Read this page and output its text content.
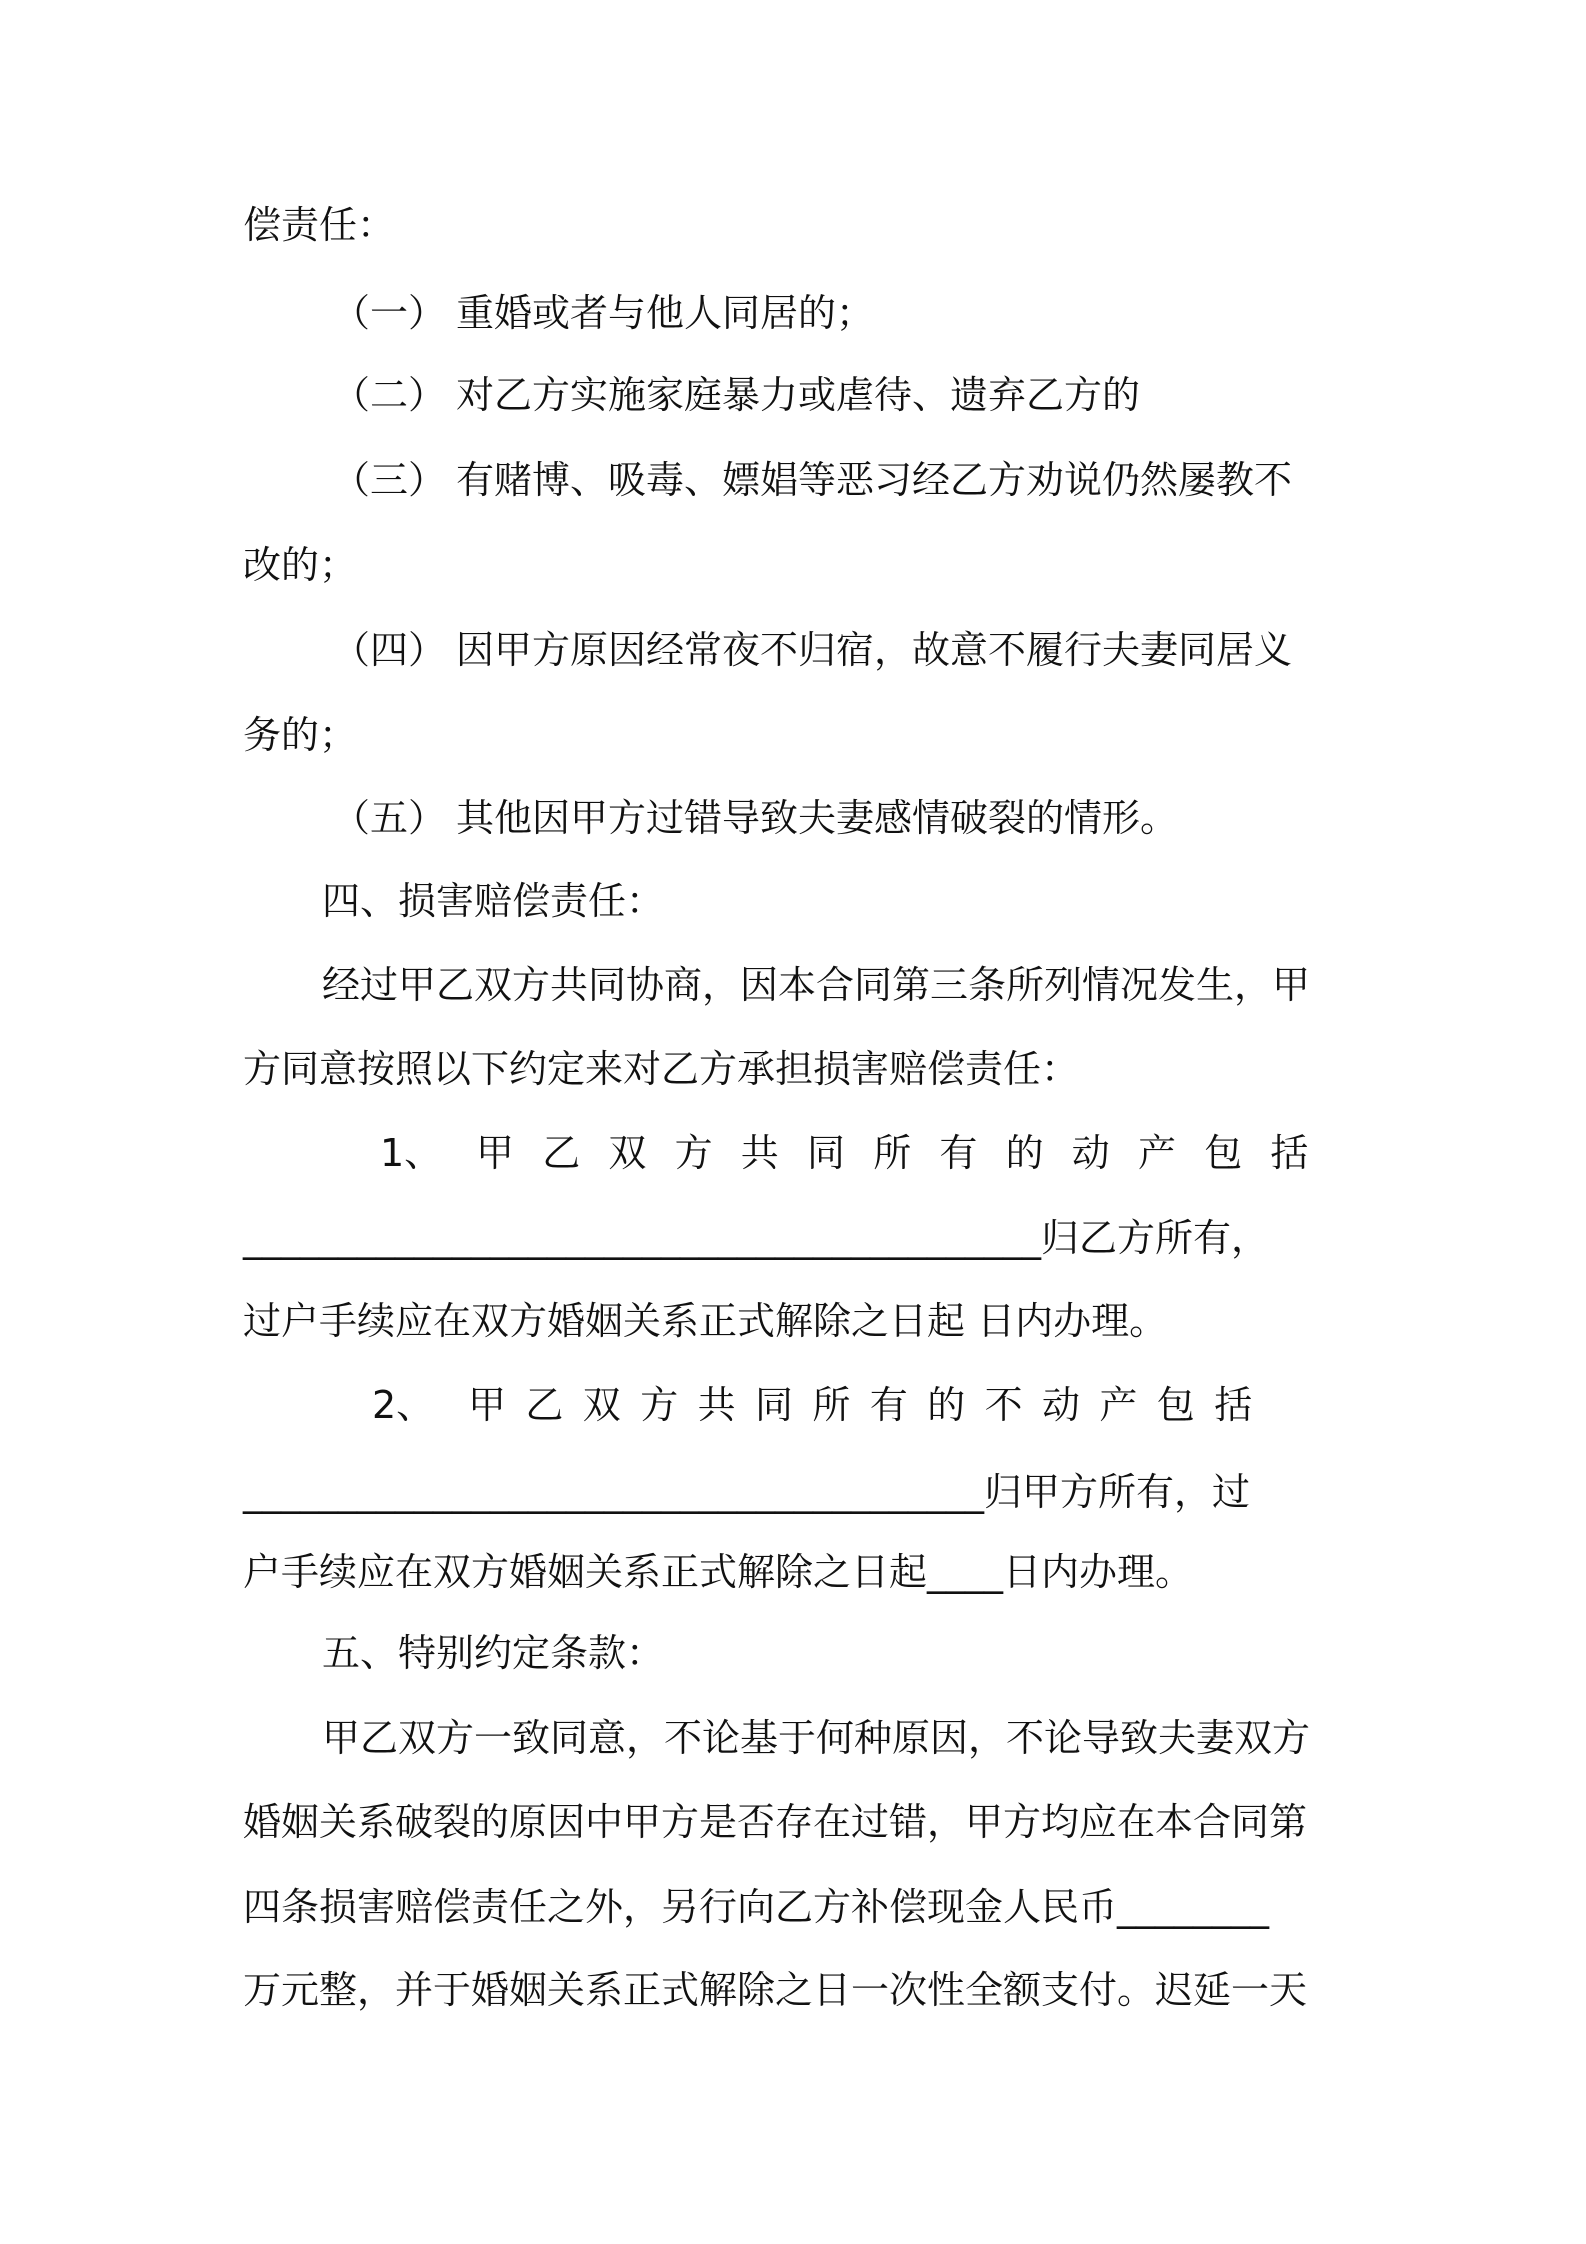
偿责任：
（一） 重婚或者与他人同居的；
（二） 对乙方实施家庭暴力或虐待、遗弃乙方的
（三） 有赌博、吸毒、嫖娼等恶习经乙方劝说仍然屡教不
改的；
（四） 因甲方原因经常夜不归宿，故意不履行夫妻同居义
务的；
（五） 其他因甲方过错导致夫妻感情破裂的情形。
四、损害赔偿责任：
经过甲乙双方共同协商，因本合同第三条所列情况发生，甲
方同意按照以下约定来对乙方承担损害赔偿责任：
1、 甲乙双方共同所有的动产包括
__________________________________________归乙方所有，
过户手续应在双方婚姻关系正式解除之日起 日内办理。
2、 甲乙双方共同所有的不动产包括
_______________________________________归甲方所有，过
户手续应在双方婚姻关系正式解除之日起____日内办理。
五、特别约定条款：
甲乙双方一致同意，不论基于何种原因，不论导致夫妻双方
婚姻关系破裂的原因中甲方是否存在过错，甲方均应在本合同第
四条损害赔偿责任之外，另行向乙方补偿现金人民币________
万元整，并于婚姻关系正式解除之日一次性全额支付。迟延一天
